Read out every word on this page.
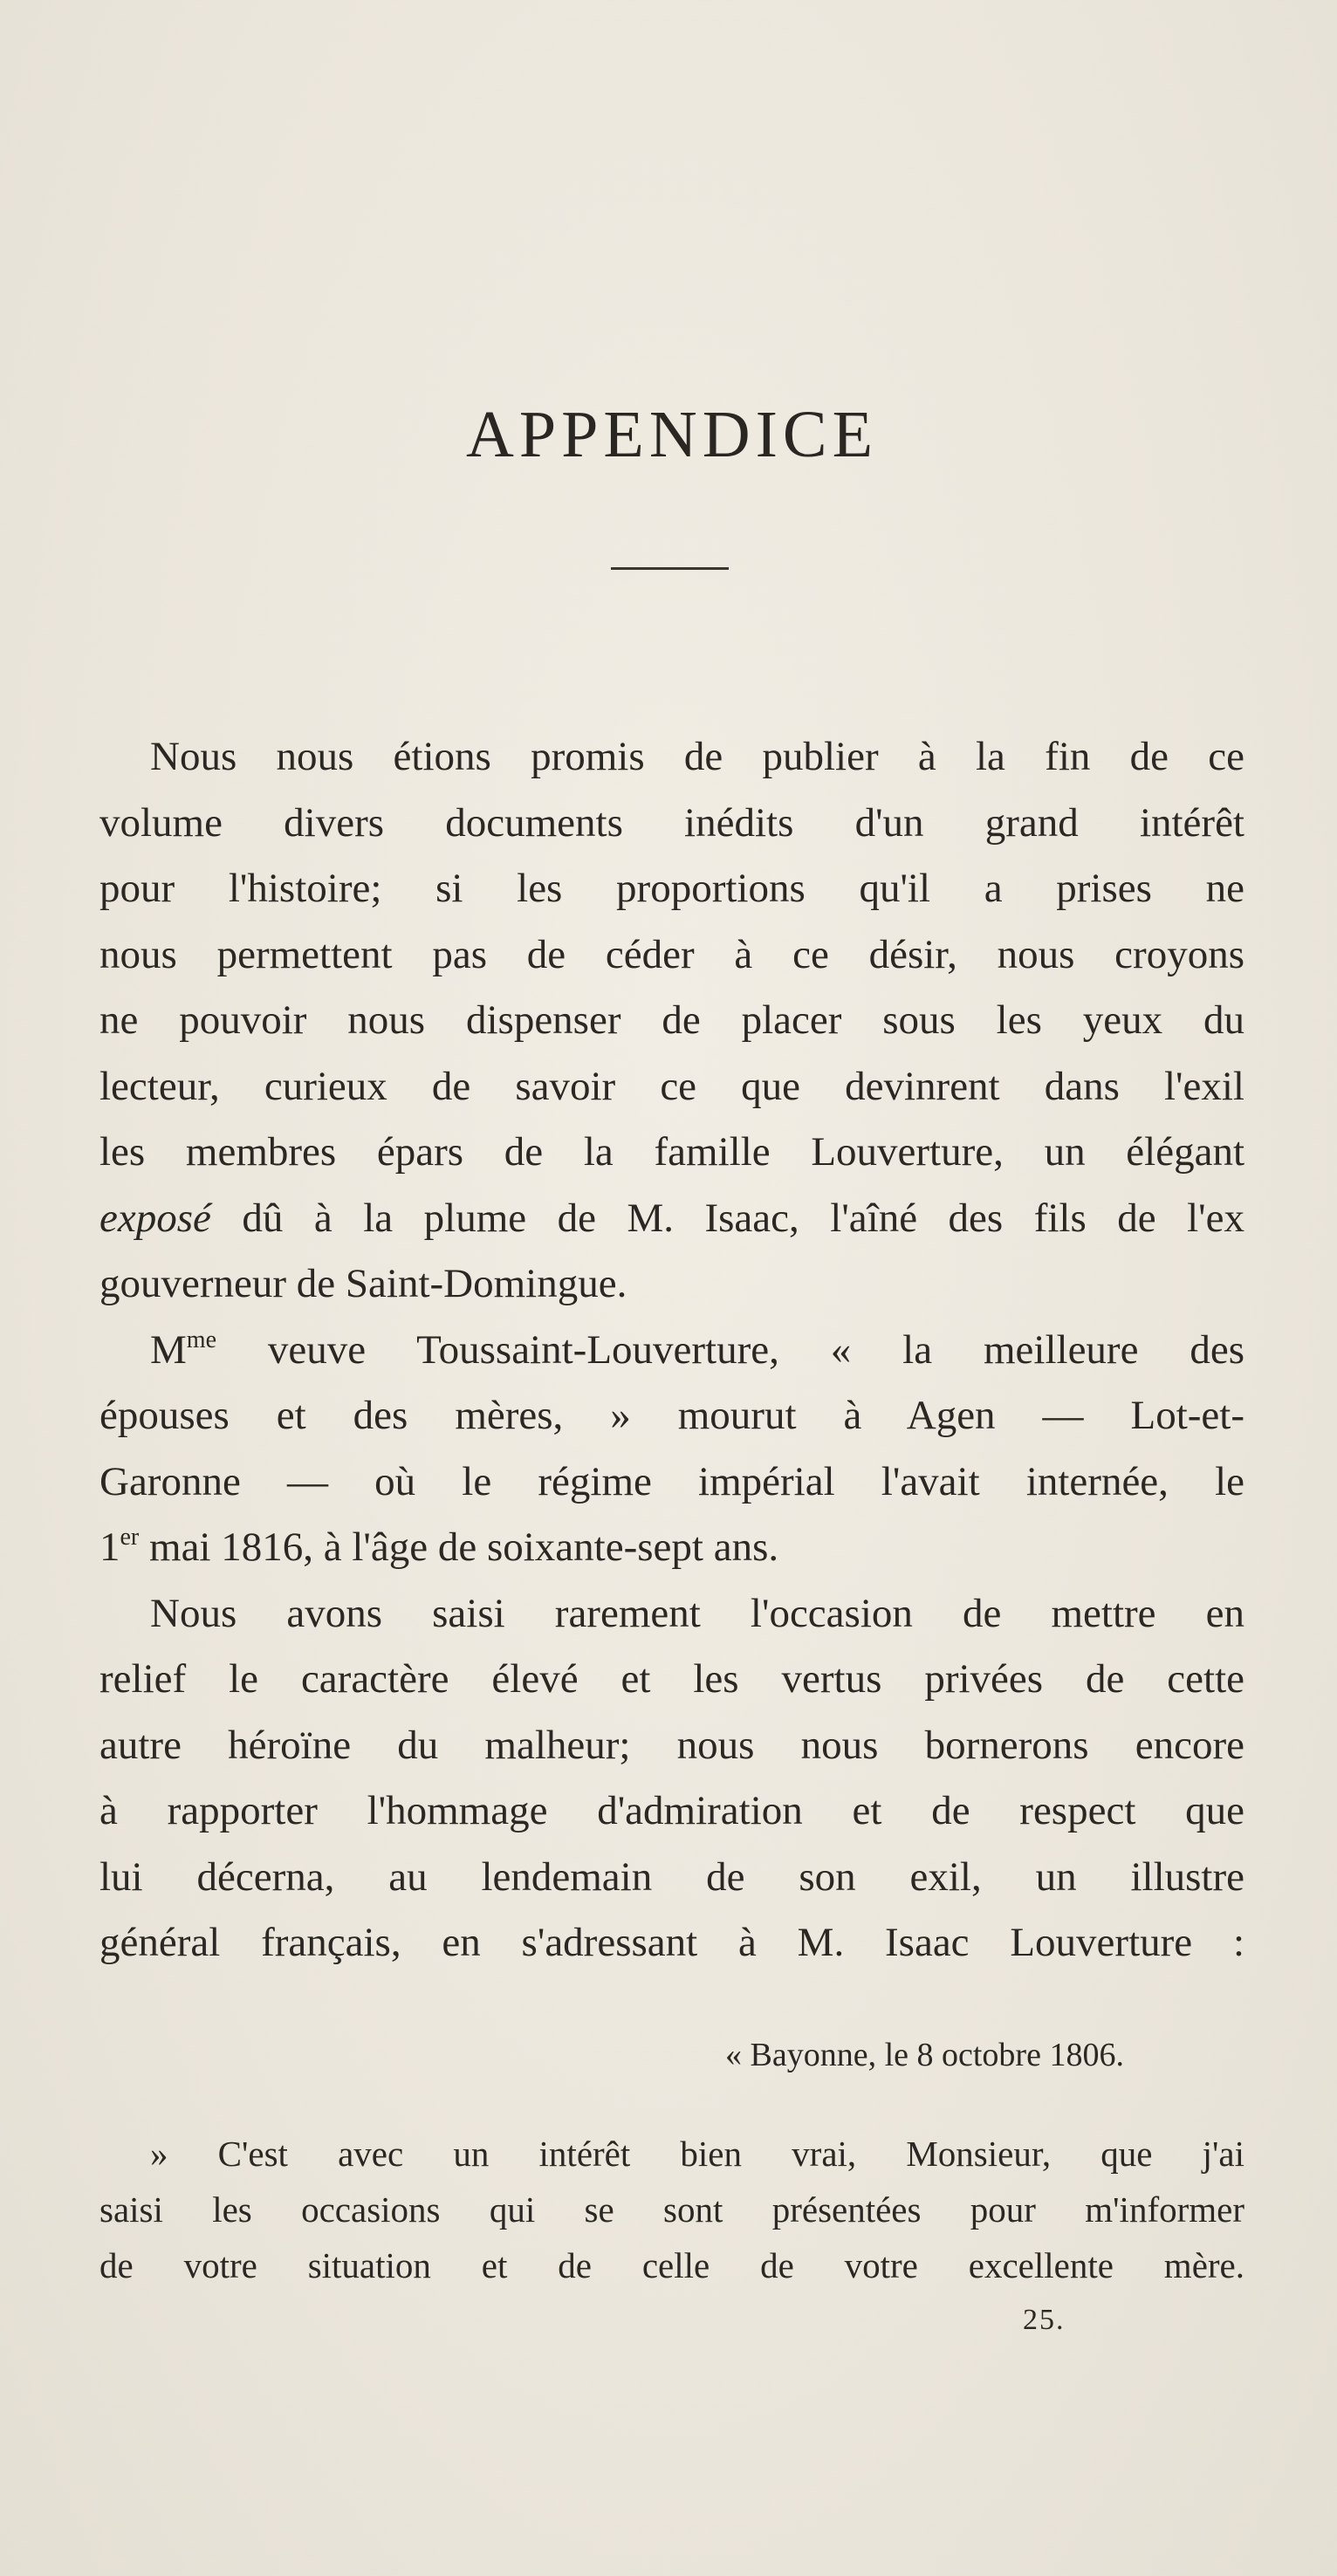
APPENDICE
Nous nous étions promis de publier à la fin de ce
volume divers documents inédits d'un grand intérêt
pour l'histoire; si les proportions qu'il a prises ne
nous permettent pas de céder à ce désir, nous croyons
ne pouvoir nous dispenser de placer sous les yeux du
lecteur, curieux de savoir ce que devinrent dans l'exil
les membres épars de la famille Louverture, un élégant
exposé dû à la plume de M. Isaac, l'aîné des fils de l'ex
gouverneur de Saint-Domingue.
$M^{me}$ veuve Toussaint-Louverture, « la meilleure des
épouses et des mères, » mourut à Agen — Lot-et-
Garonne — où le régime impérial l'avait internée, le
1er mai 1816, à l'âge de soixante-sept ans.
Nous avons saisi rarement l'occasion de mettre en
relief le caractère élevé et les vertus privées de cette
autre héroïne du malheur; nous nous bornerons encore
à rapporter l'hommage d'admiration et de respect que
lui décerna, au lendemain de son exil, un illustre
général français, en s'adressant à M. Isaac Louverture :
« Bayonne, le 8 octobre 1806.
» C'est avec un intérêt bien vrai, Monsieur, que j'ai
saisi les occasions qui se sont présentées pour m'informer
de votre situation et de celle de votre excellente mère.
25.
